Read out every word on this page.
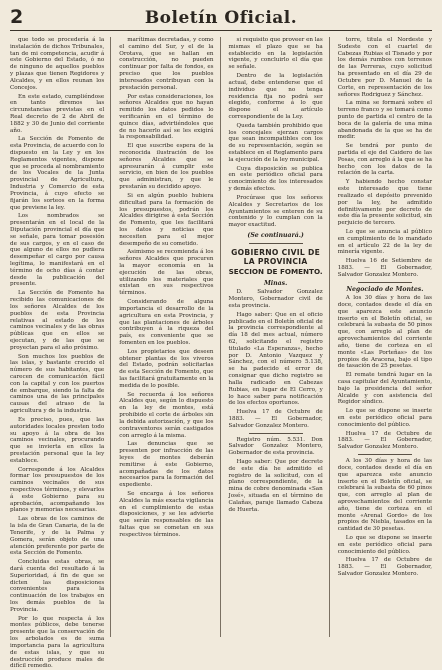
2	Boletín Oficial.

que todo se procedería á la instalación de dichos Tribunales, tan de mi competencia, acudir á este Gobierno del Estado, ó no de ninguno de aquellos pueblos y plazas que tienen Regidores y Alcaldes, y en ellos reunan los Concejos.

En este estado, cumpliéndose en tanto diremos las circunstancias previstas en el Real decreto de 2 de Abril de 1882 y 30 de Junio del corriente año.

La Sección de Fomento de esta Provincia, de acuerdo con lo dispuesto en la Ley y en los Reglamentos vigentes, dispone que se proceda al nombramiento de los Vocales de la Junta provincial de Agricultura, Industria y Comercio de esta Provincia, á cuyo efecto se fijarán los sorteos en la forma que previene la ley.

Los nombrados se presentarán en el local de la Diputación provincial el día que se señale, para tomar posesión de sus cargos, y en el caso de que alguno de ellos no pudiera desempeñar el cargo por causa legítima, lo manifestará en el término de ocho días á contar desde la publicación del presente.

La Sección de Fomento ha recibido las comunicaciones de los señores Alcaldes de los pueblos de esta Provincia relativas al estado de los caminos vecinales y de las obras públicas que en ellos se ejecutan, y de las que se proyectan para el año próximo.

Son muchos los pueblos de las islas, y bastante crecido el número de sus habitantes, que carecen de comunicación fácil con la capital y con los puertos de embarque, siendo la falta de caminos una de las principales causas del atraso de la agricultura y de la industria.

Es preciso, pues, que las autoridades locales presten todo su apoyo á la obra de los caminos vecinales, procurando que se invierta en ellos la prestación personal que la ley establece.

Corresponde á los Alcaldes formar los presupuestos de los caminos vecinales de sus respectivos términos, y elevarlos á este Gobierno para su aprobación, acompañando los planos y memorias necesarias.

Las obras de los caminos de la isla de Gran Canaria, de la de Tenerife, y de la Palma y Gomera, serán objeto de una atención preferente por parte de esta Sección de Fomento.

Concluidas estas obras, se dará cuenta del resultado á la Superioridad, á fin de que se dicten las disposiciones convenientes para la continuación de los trabajos en los demás pueblos de la Provincia.

Por lo que respecta á los montes públicos, debe tenerse presente que la conservación de los arbolados es de suma importancia para la agricultura de estas islas, y que su destrucción produce males de difícil remedio.

marítimas decretadas, y como el camino del Sur, y el de la Orotava, que se hallan en construcción, no pueden continuar por falta de fondos, es preciso que los pueblos interesados contribuyan con la prestación personal.

Por estas consideraciones, los señores Alcaldes que no hayan remitido los datos pedidos lo verificarán en el término de quince días, advirtiéndoles que de no hacerlo así se les exigirá la responsabilidad.

El que suscribe espera de la reconocida ilustración de los señores Alcaldes que se apresurarán á cumplir este servicio, en bien de los pueblos que administran, y que le prestarán su decidido apoyo.

Si en algún pueblo hubiera dificultad para la formación de los presupuestos, podrán los Alcaldes dirigirse á esta Sección de Fomento, que les facilitará los datos y noticias que necesiten para el mejor desempeño de su cometido.

Asimismo se recomienda á los señores Alcaldes que procuren la mayor economía en la ejecución de las obras, utilizando los materiales que existan en sus respectivos términos.

Considerando de alguna importancia el desarrollo de la agricultura en esta Provincia, y que las plantaciones de árboles contribuyen á la riqueza del país, es conveniente que se fomenten en los pueblos.

Los propietarios que deseen obtener plantas de los viveros del Estado, podrán solicitarlas de esta Sección de Fomento, que las facilitará gratuitamente en la medida de lo posible.

Se recuerda á los señores Alcaldes que, según lo dispuesto en la ley de montes, está prohibido el corte de árboles sin la debida autorización, y que los contraventores serán castigados con arreglo á la misma.

Las denuncias que se presenten por infracción de las leyes de montes deberán remitirse á este Gobierno, acompañadas de los datos necesarios para la formación del expediente.

Se encarga á los señores Alcaldes la más exacta vigilancia en el cumplimiento de estas disposiciones, y se les advierte que serán responsables de las faltas que se cometan en sus respectivos términos.

si requisito que proveer en las mismas el plazo que se ha establecido en la legislación vigente, y concluirlo el día que se señale.

Dentro de la legislación actual, debe entenderse que el individuo que no tenga residencia fija no podrá ser elegido, conforme á lo que dispone el artículo correspondiente de la Ley.

Queda también prohibido que los concejales ejerzan cargos que sean incompatibles con los de su representación, según se establece en el Reglamento para la ejecución de la ley municipal.

Cuya disposición se publica en este periódico oficial para conocimiento de los interesados y demás efectos.

Procúrase que los señores Alcaldes y Secretarios de los Ayuntamientos se enteren de su contenido y lo cumplan con la mayor exactitud.

(Se continuará.)
GOBIERNO CIVIL DE LA PROVINCIA
SECCION DE FOMENTO.
Minas.

D. Salvador Gonzalez Montero, Gobernador civil de esta provincia.

Hago saber: Que en el oficio publicado en el Boletín oficial de la provincia correspondiente al día 18 del mes actual, número 62, solicitando el registro titulado «La Esperanza», hecho por D. Antonio Vazquez y Sánchez, con el número 5.138, se ha padecido el error de consignar que dicho registro se halla radicado en Cabezas Rubias, en lugar de El Cerro, y lo hace saber para notificación de los efectos oportunos.

Huelva 17 de Octubre de 1883. — El Gobernador, Salvador Gonzalez Montero.

Registro núm. 5.531. Don Salvador Gonzalez Montero, Gobernador de esta provincia.

Hago saber: Que por decreto de este día he admitido el registro de la solicitud, con el plano correspondiente, de la mina de cobre denominada «San José», situada en el término de Calañas, paraje llamado Cabeza de Huerta.

torre, titula el Nordeste y Sudeste con el cuartel de Cabezas Rubias el Tisnado y por los demás rumbos con terrenos de las Perreras, cuyo solicitud ha presentado en el día 29 de Octubre por D. Manuel de la Corte, en representación de los señores Rodriguez y Sánchez.

La mina se formará sobre el terreno franco y se tomará como punto de partida el centro de la boca de la galería de una mina abandonada de la que se ha de medir.

Se tendrá por punto de partida el eje del Caidero de las Posas, con arreglo á la que se ha hecho con los datos de la relación de la carta.

Y habiendo hecho constar este interesado que tiene realizado el depósito prevenido por la ley, he admitido definitivamente por decreto de este día la presente solicitud, sin perjuicio de tercero.

Lo que se anuncia al público en cumplimiento de lo mandado en el artículo 22 de la ley de minería vigente.

Huelva 16 de Setiembre de 1883. — El Gobernador, Salvador Gonzalez Montero.

Negociado de Montes.

A los 30 días y hora de las doce, contados desde el día en que aparezca este anuncio inserto en el Boletín oficial, se celebrará la subasta de 50 pinos que, con arreglo al plan de aprovechamientos del corriente año, tiene de corteza en el monte «Las Porteñas» de los propios de Aracena, bajo el tipo de tasación de 25 pesetas.

El remate tendrá lugar en la casa capitular del Ayuntamiento, bajo la presidencia del señor Alcalde y con asistencia del Regidor síndico.

Lo que se dispone se inserte en este periódico oficial para conocimiento del público.

Huelva 17 de Octubre de 1883. — El Gobernador, Salvador Gonzalez Montero.

A los 30 días y hora de las doce, contados desde el día en que aparezca este anuncio inserto en el Boletín oficial, se celebrará la subasta de 60 pinos que, con arreglo al plan de aprovechamientos del corriente año, tiene de corteza en el monte «Arenal Gordo» de los propios de Niebla, tasados en la cantidad de 30 pesetas.

Lo que se dispone se inserte en este periódico oficial para conocimiento del público.

Huelva 17 de Octubre de 1883. — El Gobernador, Salvador Gonzalez Montero.
